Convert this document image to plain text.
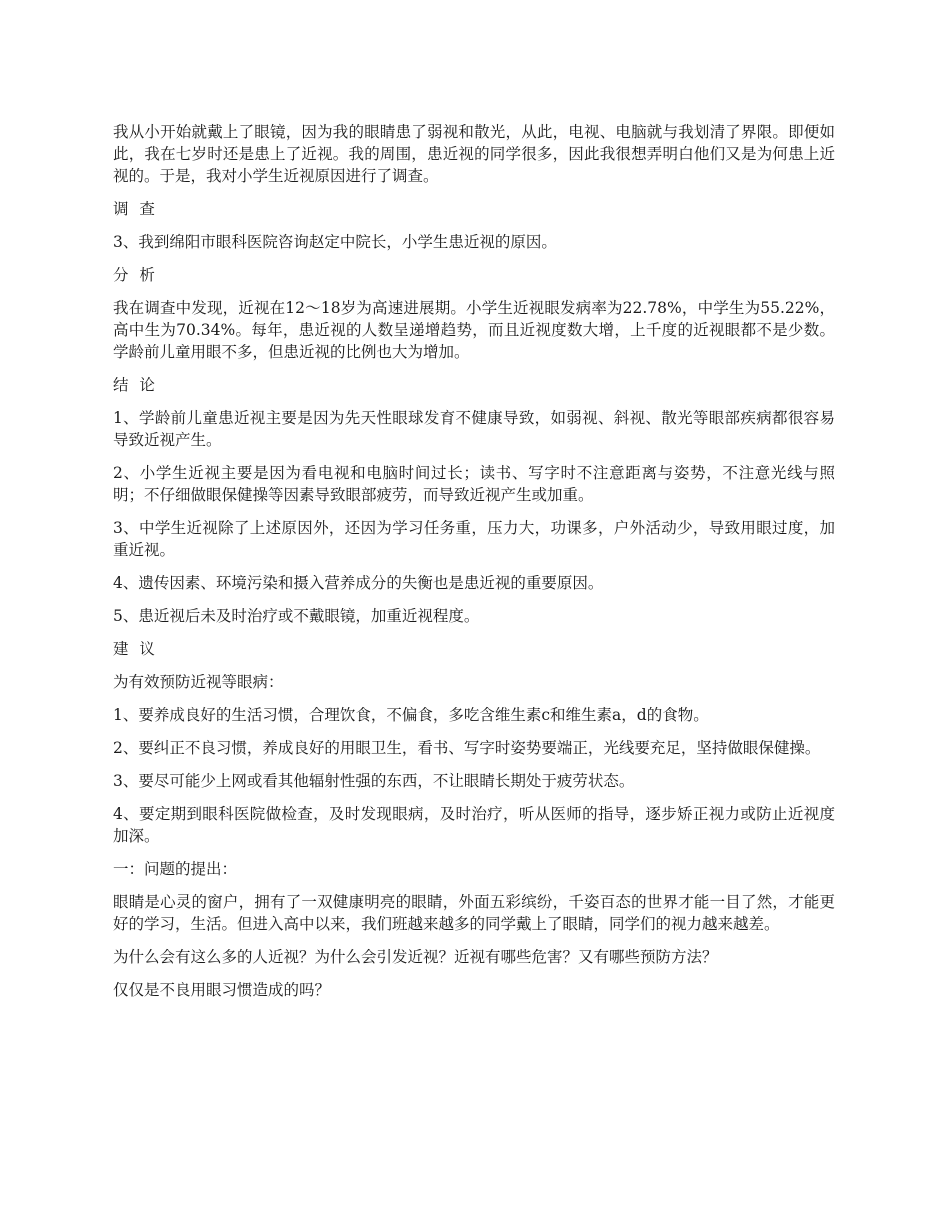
我从小开始就戴上了眼镜，因为我的眼睛患了弱视和散光，从此，电视、电脑就与我划清了界限。即便如此，我在七岁时还是患上了近视。我的周围，患近视的同学很多，因此我很想弄明白他们又是为何患上近视的。于是，我对小学生近视原因进行了调查。

调 查

3、我到绵阳市眼科医院咨询赵定中院长，小学生患近视的原因。

分 析

我在调查中发现，近视在12～18岁为高速进展期。小学生近视眼发病率为22.78%，中学生为55.22%，高中生为70.34%。每年，患近视的人数呈递增趋势，而且近视度数大增，上千度的近视眼都不是少数。学龄前儿童用眼不多，但患近视的比例也大为增加。

结 论

1、学龄前儿童患近视主要是因为先天性眼球发育不健康导致，如弱视、斜视、散光等眼部疾病都很容易导致近视产生。

2、小学生近视主要是因为看电视和电脑时间过长；读书、写字时不注意距离与姿势，不注意光线与照明；不仔细做眼保健操等因素导致眼部疲劳，而导致近视产生或加重。

3、中学生近视除了上述原因外，还因为学习任务重，压力大，功课多，户外活动少，导致用眼过度，加重近视。

4、遗传因素、环境污染和摄入营养成分的失衡也是患近视的重要原因。

5、患近视后未及时治疗或不戴眼镜，加重近视程度。

建 议

为有效预防近视等眼病：

1、要养成良好的生活习惯，合理饮食，不偏食，多吃含维生素c和维生素a，d的食物。

2、要纠正不良习惯，养成良好的用眼卫生，看书、写字时姿势要端正，光线要充足，坚持做眼保健操。

3、要尽可能少上网或看其他辐射性强的东西，不让眼睛长期处于疲劳状态。

4、要定期到眼科医院做检查，及时发现眼病，及时治疗，听从医师的指导，逐步矫正视力或防止近视度加深。

一：问题的提出：

眼睛是心灵的窗户，拥有了一双健康明亮的眼睛，外面五彩缤纷，千姿百态的世界才能一目了然，才能更好的学习，生活。但进入高中以来，我们班越来越多的同学戴上了眼睛，同学们的视力越来越差。

为什么会有这么多的人近视？为什么会引发近视？近视有哪些危害？又有哪些预防方法？

仅仅是不良用眼习惯造成的吗？
